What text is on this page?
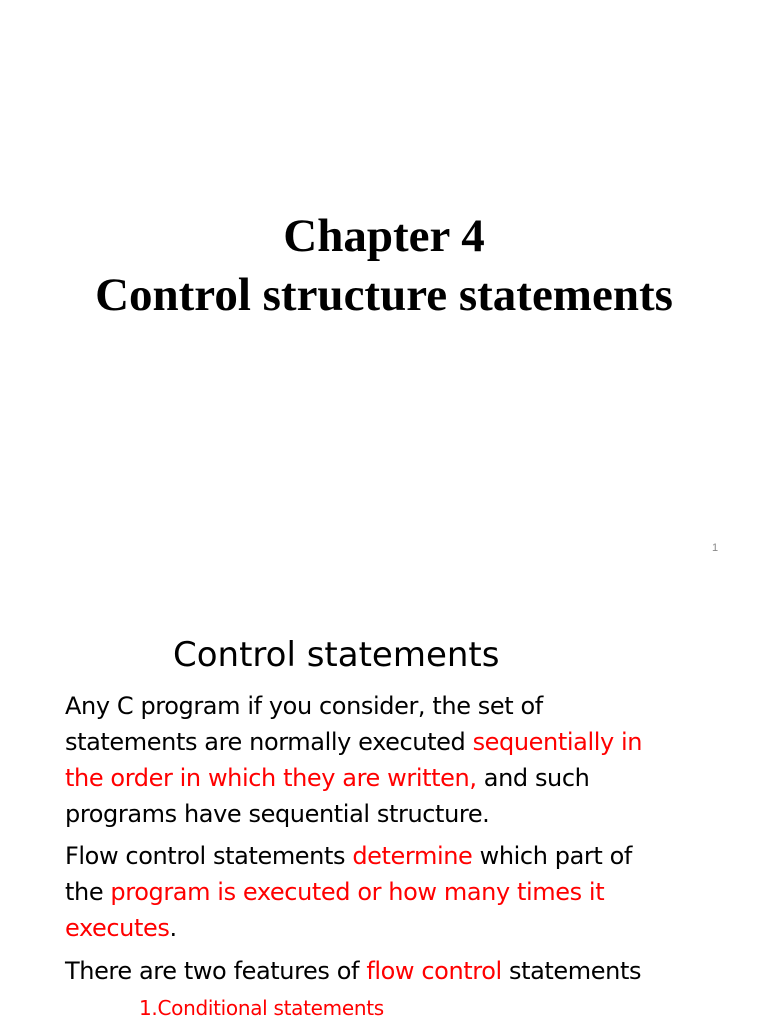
Chapter 4
Control structure statements
1
Control statements
Any C program if you consider, the set of
statements are normally executed sequentially in
the order in which they are written, and such
programs have sequential structure.
Flow control statements determine which part of
the program is executed or how many times it
executes.
There are two features of flow control statements
1.Conditional statements
